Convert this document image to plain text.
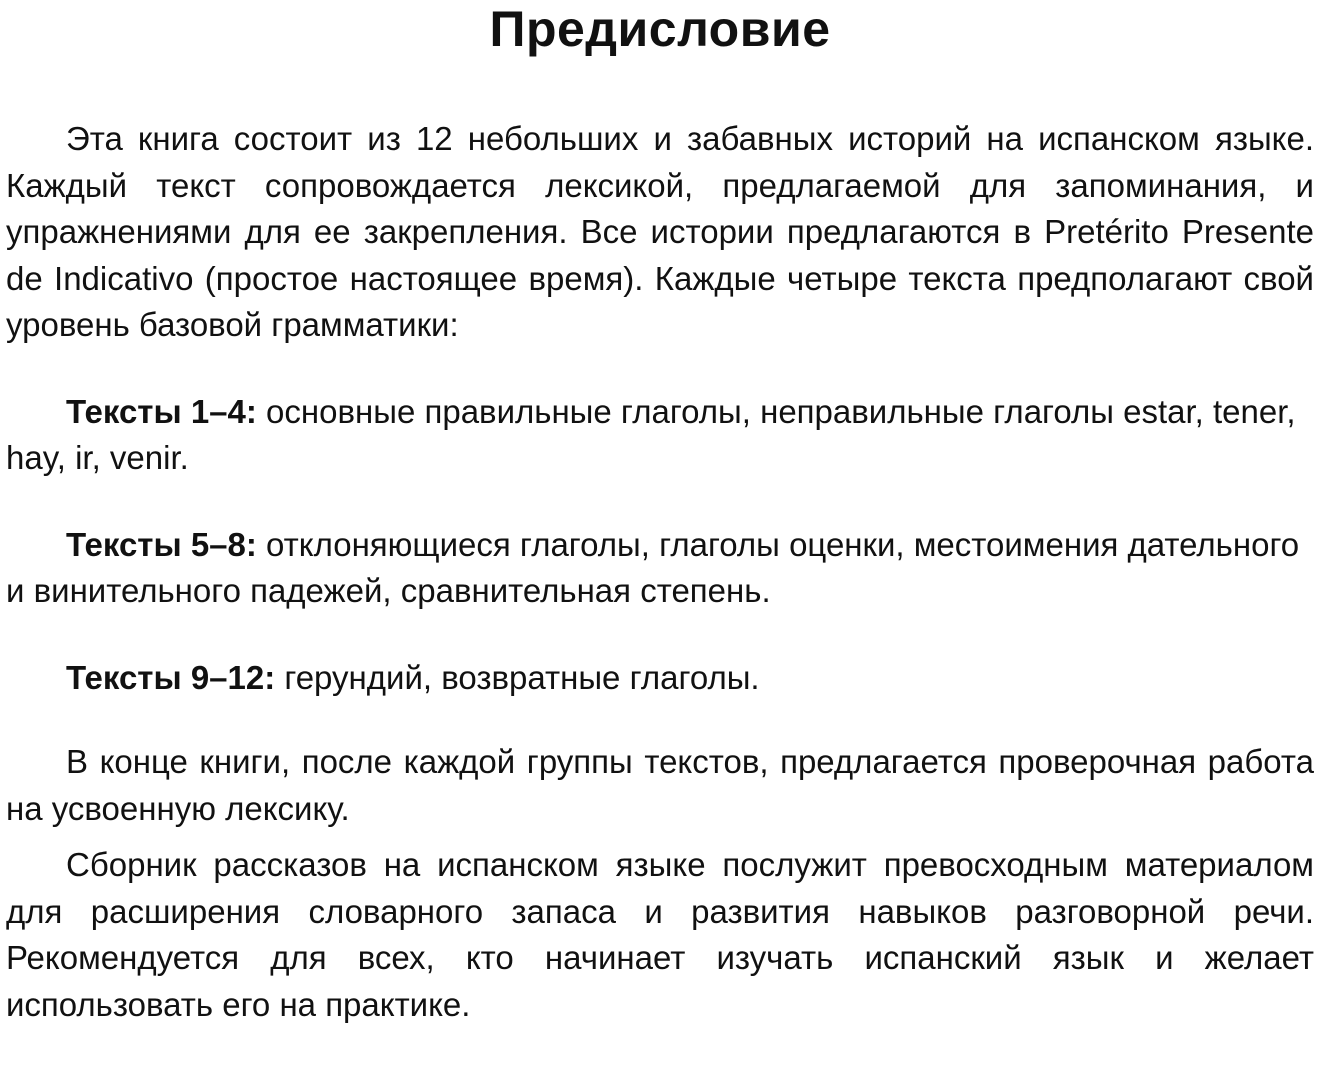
Предисловие

Эта книга состоит из 12 небольших и забавных историй на испанском языке. Каждый текст сопровождается лексикой, предлагаемой для запоминания, и упражнениями для ее закрепления. Все истории предлагаются в Pretérito Presente de Indicativo (простое настоящее время). Каждые четыре текста предполагают свой уровень базовой грамматики:

Тексты 1–4: основные правильные глаголы, неправильные глаголы estar, tener, hay, ir, venir.

Тексты 5–8: отклоняющиеся глаголы, глаголы оценки, местоимения дательного и винительного падежей, сравнительная степень.

Тексты 9–12: герундий, возвратные глаголы.

В конце книги, после каждой группы текстов, предлагается проверочная работа на усвоенную лексику.

Сборник рассказов на испанском языке послужит превосходным материалом для расширения словарного запаса и развития навыков разговорной речи. Рекомендуется для всех, кто начинает изучать испанский язык и желает использовать его на практике.
